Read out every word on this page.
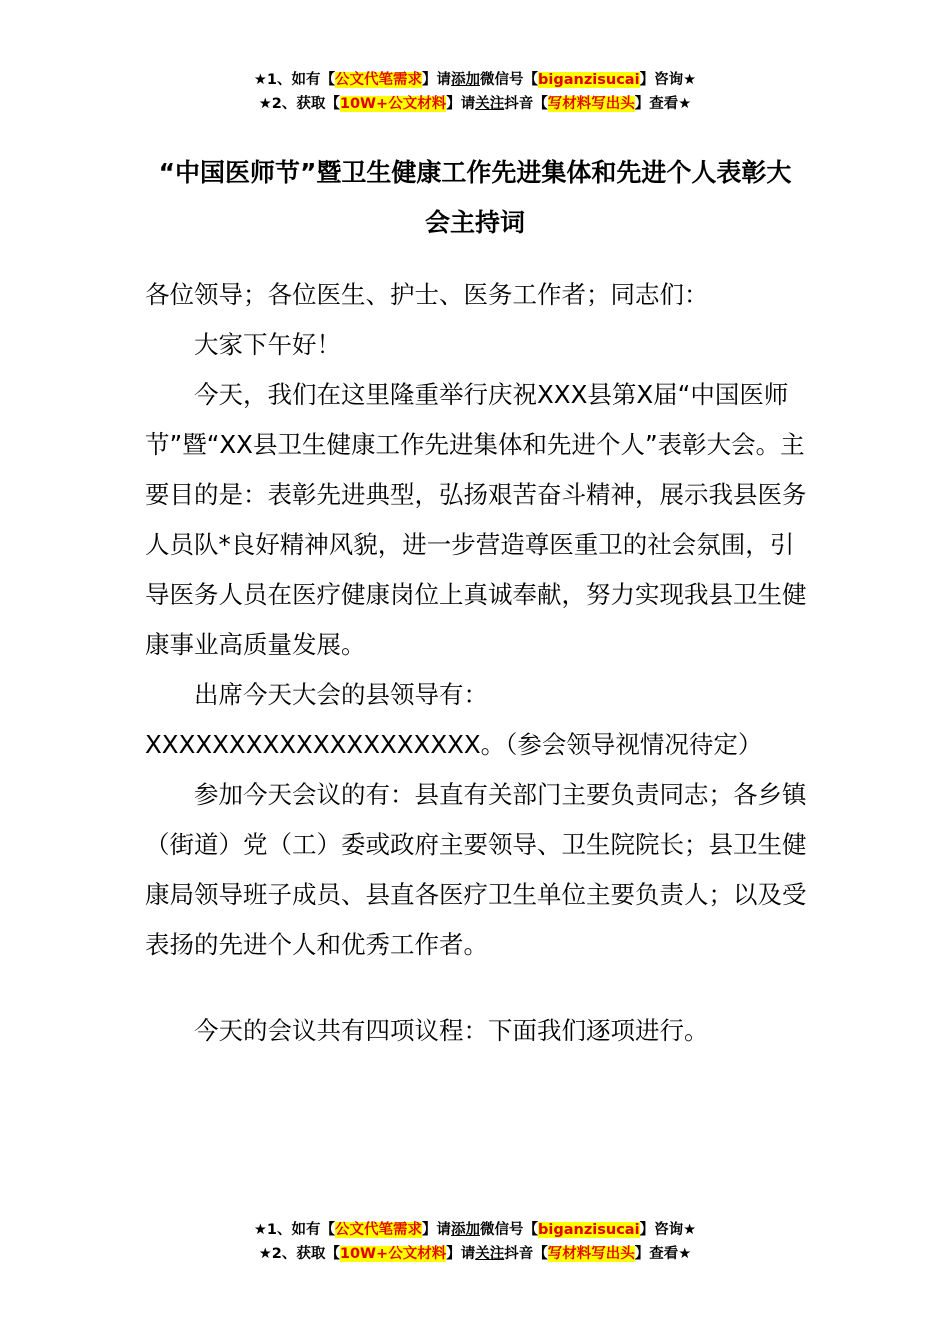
★1、如有【公文代笔需求】请添加微信号【biganzisucai】咨询★
★2、获取【10W+公文材料】请关注抖音【写材料写出头】查看★
“中国医师节”暨卫生健康工作先进集体和先进个人表彰大
会主持词

各位领导；各位医生、护士、医务工作者；同志们：

大家下午好！

今天，我们在这里隆重举行庆祝XXX县第X届“中国医师节”暨“XX县卫生健康工作先进集体和先进个人”表彰大会。主要目的是：表彰先进典型，弘扬艰苦奋斗精神，展示我县医务人员队*良好精神风貌，进一步营造尊医重卫的社会氛围，引导医务人员在医疗健康岗位上真诚奉献，努力实现我县卫生健康事业高质量发展。

出席今天大会的县领导有：

XXXXXXXXXXXXXXXXXXXX。（参会领导视情况待定）

参加今天会议的有：县直有关部门主要负责同志；各乡镇（街道）党（工）委或政府主要领导、卫生院院长；县卫生健康局领导班子成员、县直各医疗卫生单位主要负责人；以及受表扬的先进个人和优秀工作者。

今天的会议共有四项议程：下面我们逐项进行。

★1、如有【公文代笔需求】请添加微信号【biganzisucai】咨询★
★2、获取【10W+公文材料】请关注抖音【写材料写出头】查看★
